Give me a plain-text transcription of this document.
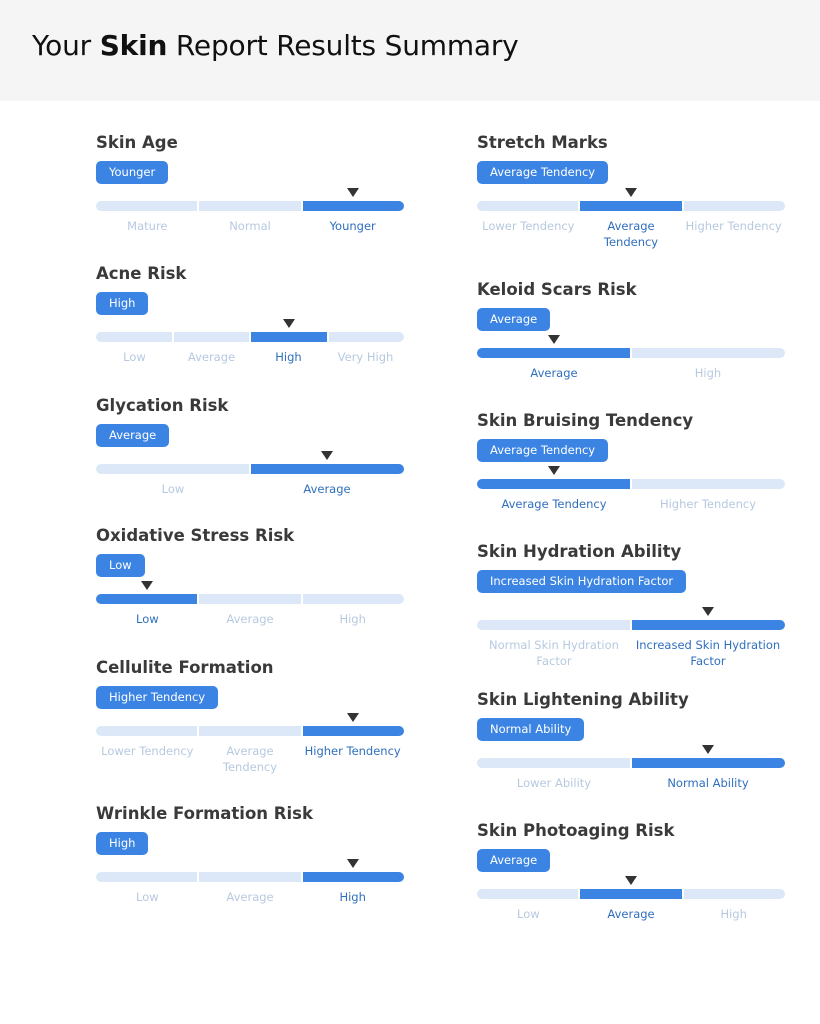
Your Skin Report Results Summary
Skin Age
Younger
Mature	Normal	Younger
Acne Risk
High
Low	Average	High	Very High
Glycation Risk
Average
Low	Average
Oxidative Stress Risk
Low
Low	Average	High
Cellulite Formation
Higher Tendency
Lower Tendency	Average Tendency
Higher Tendency
Wrinkle Formation Risk
High
Low	Average	High
Stretch Marks
Average Tendency
Lower Tendency	Average Tendency
Higher Tendency
Keloid Scars Risk
Average
Average	High
Skin Bruising Tendency
Average Tendency
Average Tendency	Higher Tendency
Skin Hydration Ability
Increased Skin Hydration Factor
Normal Skin Hydration Factor
Increased Skin Hydration Factor
Skin Lightening Ability
Normal Ability
Lower Ability	Normal Ability
Skin Photoaging Risk
Average
Low	Average	High
